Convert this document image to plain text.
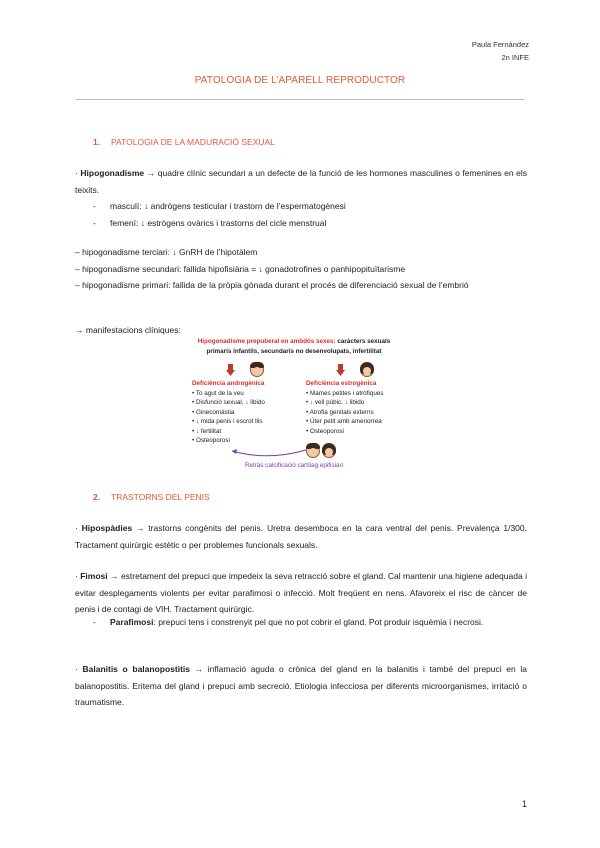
Paula Fernández
2n INFE
PATOLOGIA DE L’APARELL REPRODUCTOR
1. PATOLOGIA DE LA MADURACIÓ SEXUAL
· Hipogonadisme → quadre clínic secundari a un defecte de la funció de les hormones masculines o femenines en els teixits.
- masculí: ↓ andrògens testicular i trastorn de l’espermatogènesi
- femení: ↓ estrògens ovàrics i trastorns del cicle menstrual
– hipogonadisme terciari: ↓ GnRH de l’hipotàlem
– hipogonadisme secundari: fallida hipofisiària = ↓ gonadotrofines o panhipopituïtarisme
– hipogonadisme primari: fallida de la pròpia gònada durant el procés de diferenciació sexual de l’embrió
→ manifestacions clíniques:
Hipogonadisme prepuberal en ambdós sexes: caràcters sexuals primaris infantils, secundaris no desenvolupats, infertilitat
Deficiència androgènica
• To agut de la veu
• Disfunció sexual, ↓ libido
• Ginecomàstia
• ↓ mida penis i escrot llis
• ↓ fertilitat
• Osteoporosi
Deficiència estrogènica
• Mames petites i atròfiques
• ↓ vell púbic. ↓ libido
• Atrofia genitals externs
• Úter petit amb amenorrea
• Osteoporosi
Retràs calcificació cartílag epifisiari
2. TRASTORNS DEL PENIS
· Hipospàdies → trastorns congènits del penis. Uretra desemboca en la cara ventral del penis. Prevalença 1/300. Tractament quirúrgic estètic o per problemes funcionals sexuals.
· Fimosi → estretament del prepuci que impedeix la seva retracció sobre el gland. Cal mantenir una higiene adequada i evitar desplegaments violents per evitar parafimosi o infecció. Molt freqüent en nens. Afavoreix el risc de càncer de penis i de contagi de VIH. Tractament quirúrgic.
- Parafimosi: prepuci tens i constrenyit pel que no pot cobrir el gland. Pot produir isquèmia i necrosi.
· Balanitis o balanopostitis → inflamació aguda o crònica del gland en la balanitis i també del prepuci en la balanopostitis. Eritema del gland i prepuci amb secreció. Etiologia infecciosa per diferents microorganismes, irritació o traumatisme.
1
